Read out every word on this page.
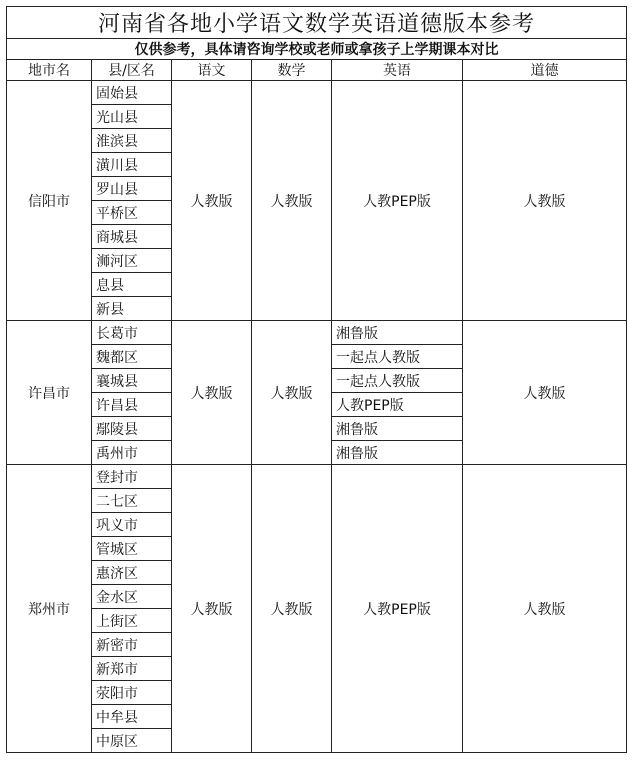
河南省各地小学语文数学英语道德版本参考					
仅供参考，具体请咨询学校或老师或拿孩子上学期课本对比					
地市名	县/区名	语文	数学	英语	道德
信阳市	固始县	人教版	人教版	人教PEP版	人教版
	光山县				
	淮滨县				
	潢川县				
	罗山县				
	平桥区				
	商城县				
	浉河区				
	息县				
	新县				
许昌市	长葛市	人教版	人教版	湘鲁版	人教版
	魏都区			一起点人教版	
	襄城县			一起点人教版	
	许昌县			人教PEP版	
	鄢陵县			湘鲁版	
	禹州市			湘鲁版	
郑州市	登封市	人教版	人教版	人教PEP版	人教版
	二七区				
	巩义市				
	管城区				
	惠济区				
	金水区				
	上街区				
	新密市				
	新郑市				
	荥阳市				
	中牟县				
	中原区				
